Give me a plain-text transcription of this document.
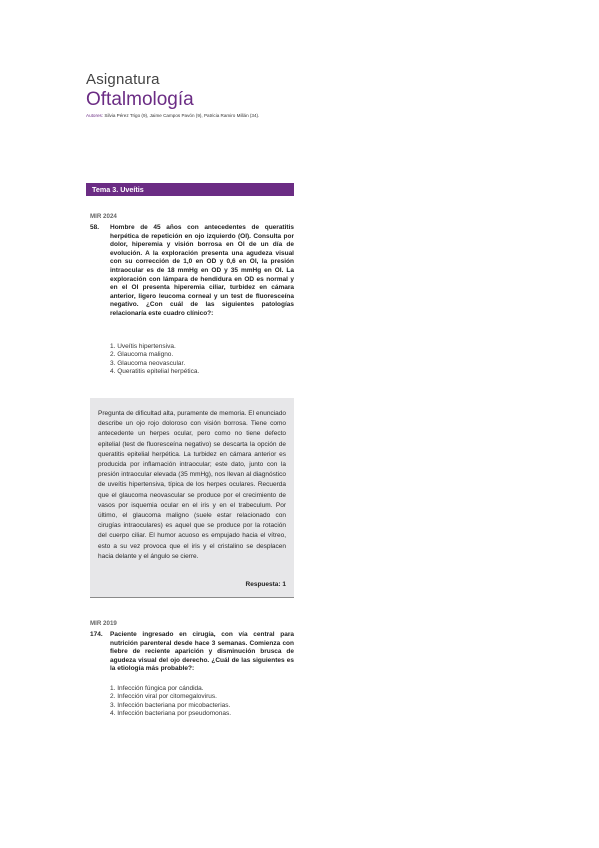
Asignatura
Oftalmología
Autores: Silvia Pérez Trigo (9), Jaime Campos Pavón (9), Patricia Ramiro Millán (34).
Tema 3. Uveítis
MIR 2024
58. Hombre de 45 años con antecedentes de queratitis herpética de repetición en ojo izquierdo (OI). Consulta por dolor, hiperemia y visión borrosa en OI de un día de evolución. A la exploración presenta una agudeza visual con su corrección de 1,0 en OD y 0,6 en OI, la presión intraocular es de 18 mmHg en OD y 35 mmHg en OI. La exploración con lámpara de hendidura en OD es normal y en el OI presenta hiperemia ciliar, turbidez en cámara anterior, ligero leucoma corneal y un test de fluoresceína negativo. ¿Con cuál de las siguientes patologías relacionaría este cuadro clínico?:
1. Uveítis hipertensiva.
2. Glaucoma maligno.
3. Glaucoma neovascular.
4. Queratitis epitelial herpética.
Pregunta de dificultad alta, puramente de memoria. El enunciado describe un ojo rojo doloroso con visión borrosa. Tiene como antecedente un herpes ocular, pero como no tiene defecto epitelial (test de fluoresceína negativo) se descarta la opción de queratitis epitelial herpética. La turbidez en cámara anterior es producida por inflamación intraocular; este dato, junto con la presión intraocular elevada (35 mmHg), nos llevan al diagnóstico de uveítis hipertensiva, típica de los herpes oculares. Recuerda que el glaucoma neovascular se produce por el crecimiento de vasos por isquemia ocular en el iris y en el trabeculum. Por último, el glaucoma maligno (suele estar relacionado con cirugías intraoculares) es aquel que se produce por la rotación del cuerpo ciliar. El humor acuoso es empujado hacia el vítreo, esto a su vez provoca que el iris y el cristalino se desplacen hacia delante y el ángulo se cierre.
Respuesta: 1
MIR 2019
174. Paciente ingresado en cirugía, con vía central para nutrición parenteral desde hace 3 semanas. Comienza con fiebre de reciente aparición y disminución brusca de agudeza visual del ojo derecho. ¿Cuál de las siguientes es la etiología más probable?:
1. Infección fúngica por cándida.
2. Infección viral por citomegalovirus.
3. Infección bacteriana por micobacterias.
4. Infección bacteriana por pseudomonas.
